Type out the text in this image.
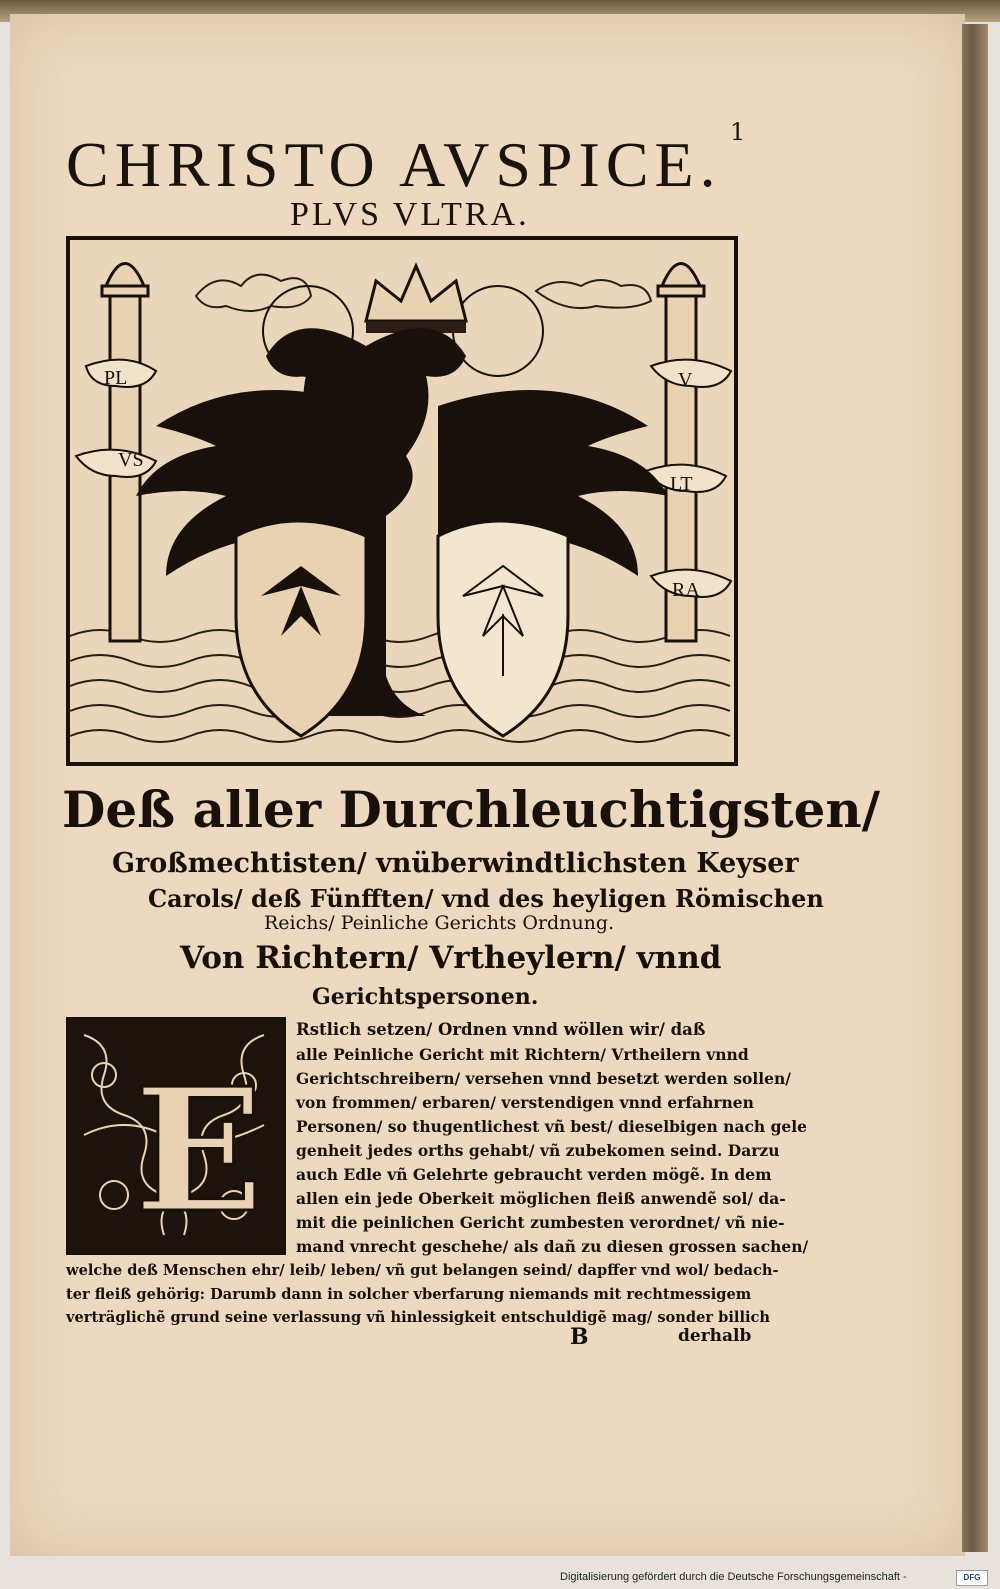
1
CHRISTO AVSPICE.
PLVS VLTRA.
PL
VS
V
LT
RA
Deß aller Durchleuchtigsten/
Großmechtisten/ vnüberwindtlichsten Keyser
Carols/ deß Fünfften/ vnd des heyligen Römischen
Reichs/ Peinliche Gerichts Ordnung.
Von Richtern/ Vrtheylern/ vnnd
Gerichtspersonen.
E
Rstlich setzen/ Ordnen vnnd wöllen wir/ daß
alle Peinliche Gericht mit Richtern/ Vrtheilern vnnd
Gerichtschreibern/ versehen vnnd besetzt werden sollen/
von frommen/ erbaren/ verstendigen vnnd erfahrnen
Personen/ so thugentlichest vñ best/ dieselbigen nach gele
genheit jedes orths gehabt/ vñ zubekomen seind. Darzu
auch Edle vñ Gelehrte gebraucht verden mögẽ. In dem
allen ein jede Oberkeit möglichen fleiß anwendẽ sol/ da-
mit die peinlichen Gericht zumbesten verordnet/ vñ nie-
mand vnrecht geschehe/ als dañ zu diesen grossen sachen/
welche deß Menschen ehr/ leib/ leben/ vñ gut belangen seind/ dapffer vnd wol/ bedach-
ter fleiß gehörig: Darumb dann in solcher vberfarung niemands mit rechtmessigem
verträglichẽ grund seine verlassung vñ hinlessigkeit entschuldigẽ mag/ sonder billich
B	derhalb
Digitalisierung gefördert durch die Deutsche Forschungsgemeinschaft -	DFG
